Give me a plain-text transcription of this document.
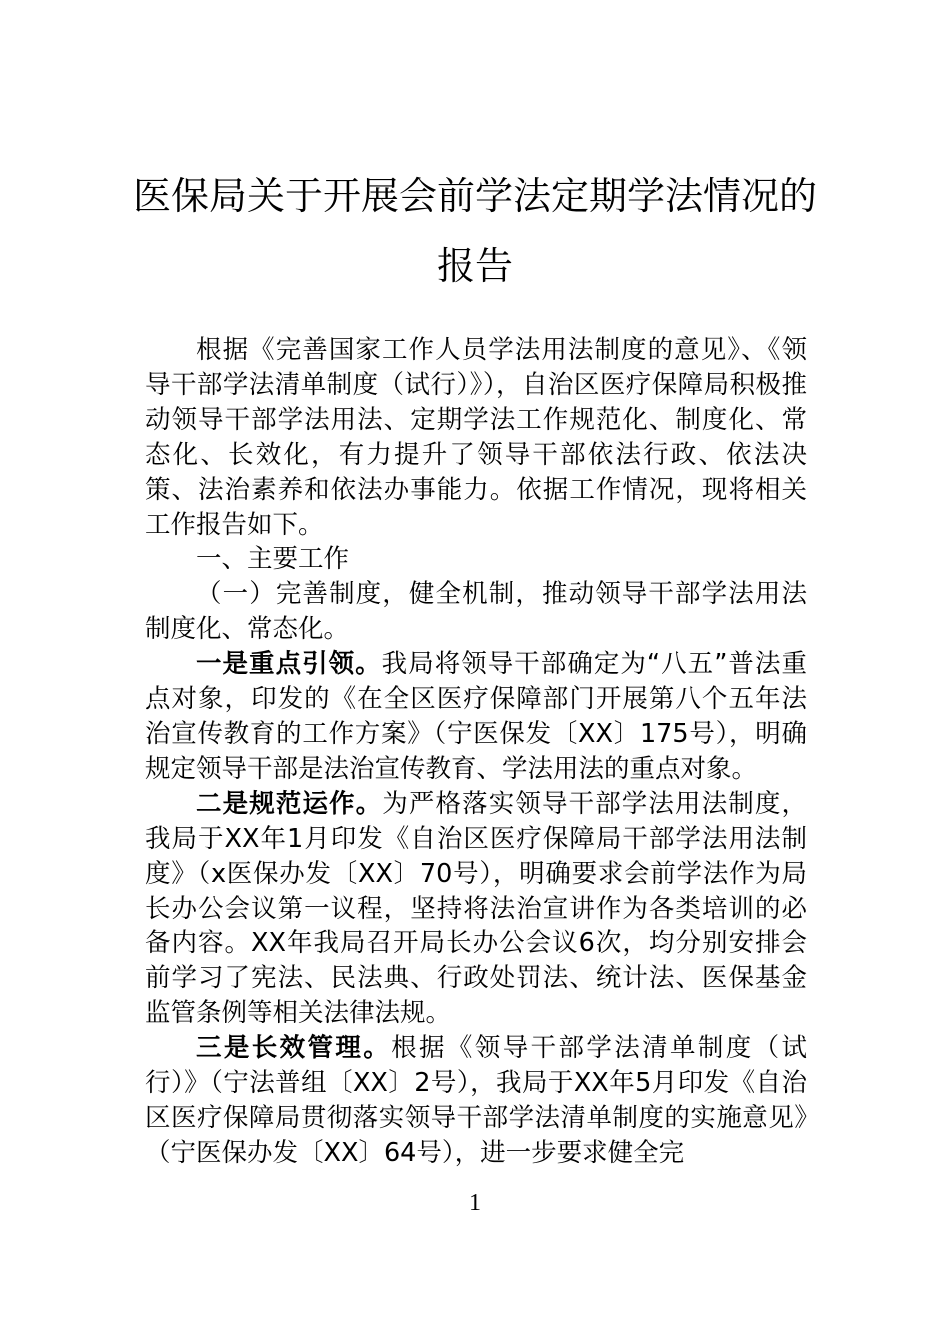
医保局关于开展会前学法定期学法情况的
报告

根据《完善国家工作人员学法用法制度的意见》、《领导干部学法清单制度（试行）》），自治区医疗保障局积极推动领导干部学法用法、定期学法工作规范化、制度化、常态化、长效化，有力提升了领导干部依法行政、依法决策、法治素养和依法办事能力。依据工作情况，现将相关工作报告如下。

一、主要工作

（一）完善制度，健全机制，推动领导干部学法用法制度化、常态化。

一是重点引领。我局将领导干部确定为“八五”普法重点对象，印发的《在全区医疗保障部门开展第八个五年法治宣传教育的工作方案》（宁医保发〔XX〕175号），明确规定领导干部是法治宣传教育、学法用法的重点对象。

二是规范运作。为严格落实领导干部学法用法制度，我局于XX年1月印发《自治区医疗保障局干部学法用法制度》（x医保办发〔XX〕70号），明确要求会前学法作为局长办公会议第一议程，坚持将法治宣讲作为各类培训的必备内容。XX年我局召开局长办公会议6次，均分别安排会前学习了宪法、民法典、行政处罚法、统计法、医保基金监管条例等相关法律法规。

三是长效管理。根据《领导干部学法清单制度（试行）》（宁法普组〔XX〕2号），我局于XX年5月印发《自治区医疗保障局贯彻落实领导干部学法清单制度的实施意见》（宁医保办发〔XX〕64号），进一步要求健全完

1
